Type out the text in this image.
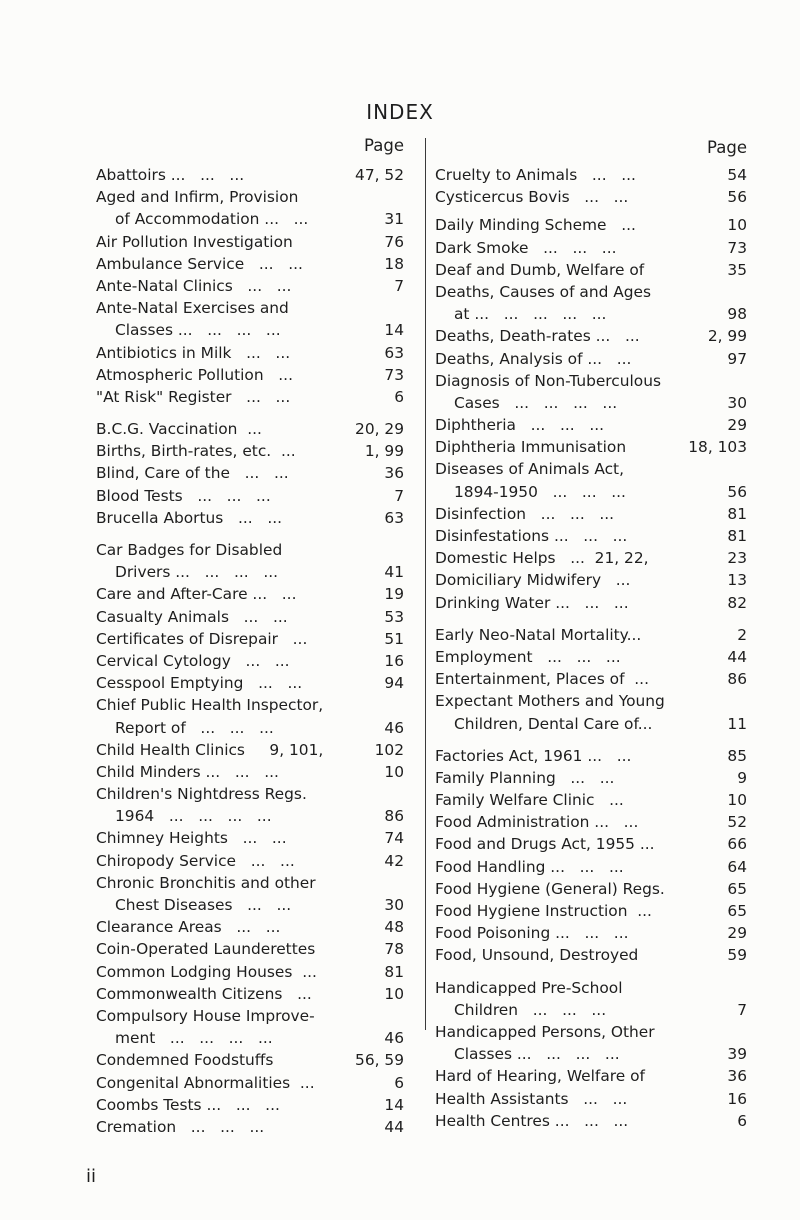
INDEX
Page
Abattoirs ...   ...   ...	47, 52
Aged and Infirm, Provision
of Accommodation ...   ...	31
Air Pollution Investigation	76
Ambulance Service   ...   ...	18
Ante-Natal Clinics   ...   ...	7
Ante-Natal Exercises and
Classes ...   ...   ...   ...	14
Antibiotics in Milk   ...   ...	63
Atmospheric Pollution   ...	73
"At Risk" Register   ...   ...	6
B.C.G. Vaccination  ...	20, 29
Births, Birth-rates, etc.  ...	1, 99
Blind, Care of the   ...   ...	36
Blood Tests   ...   ...   ...	7
Brucella Abortus   ...   ...	63
Car Badges for Disabled
Drivers ...   ...   ...   ...	41
Care and After-Care ...   ...	19
Casualty Animals   ...   ...	53
Certificates of Disrepair   ...	51
Cervical Cytology   ...   ...	16
Cesspool Emptying   ...   ...	94
Chief Public Health Inspector,
Report of   ...   ...   ...	46
Child Health Clinics     9, 101,	102
Child Minders ...   ...   ...	10
Children's Nightdress Regs.
1964   ...   ...   ...   ...	86
Chimney Heights   ...   ...	74
Chiropody Service   ...   ...	42
Chronic Bronchitis and other
Chest Diseases   ...   ...	30
Clearance Areas   ...   ...	48
Coin-Operated Launderettes	78
Common Lodging Houses  ...	81
Commonwealth Citizens   ...	10
Compulsory House Improve-
ment   ...   ...   ...   ...	46
Condemned Foodstuffs	56, 59
Congenital Abnormalities  ...	6
Coombs Tests ...   ...   ...	14
Cremation   ...   ...   ...	44
Page
Cruelty to Animals   ...   ...	54
Cysticercus Bovis   ...   ...	56
Daily Minding Scheme   ...	10
Dark Smoke   ...   ...   ...	73
Deaf and Dumb, Welfare of	35
Deaths, Causes of and Ages
at ...   ...   ...   ...   ...	98
Deaths, Death-rates ...   ...	2, 99
Deaths, Analysis of ...   ...	97
Diagnosis of Non-Tuberculous
Cases   ...   ...   ...   ...	30
Diphtheria   ...   ...   ...	29
Diphtheria Immunisation	18, 103
Diseases of Animals Act,
1894-1950   ...   ...   ...	56
Disinfection   ...   ...   ...	81
Disinfestations ...   ...   ...	81
Domestic Helps   ...  21, 22,	23
Domiciliary Midwifery   ...	13
Drinking Water ...   ...   ...	82
Early Neo-Natal Mortality...	2
Employment   ...   ...   ...	44
Entertainment, Places of  ...	86
Expectant Mothers and Young
Children, Dental Care of...	11
Factories Act, 1961 ...   ...	85
Family Planning   ...   ...	9
Family Welfare Clinic   ...	10
Food Administration ...   ...	52
Food and Drugs Act, 1955 ...	66
Food Handling ...   ...   ...	64
Food Hygiene (General) Regs.	65
Food Hygiene Instruction  ...	65
Food Poisoning ...   ...   ...	29
Food, Unsound, Destroyed	59
Handicapped Pre-School
Children   ...   ...   ...	7
Handicapped Persons, Other
Classes ...   ...   ...   ...	39
Hard of Hearing, Welfare of	36
Health Assistants   ...   ...	16
Health Centres ...   ...   ...	6
ii
